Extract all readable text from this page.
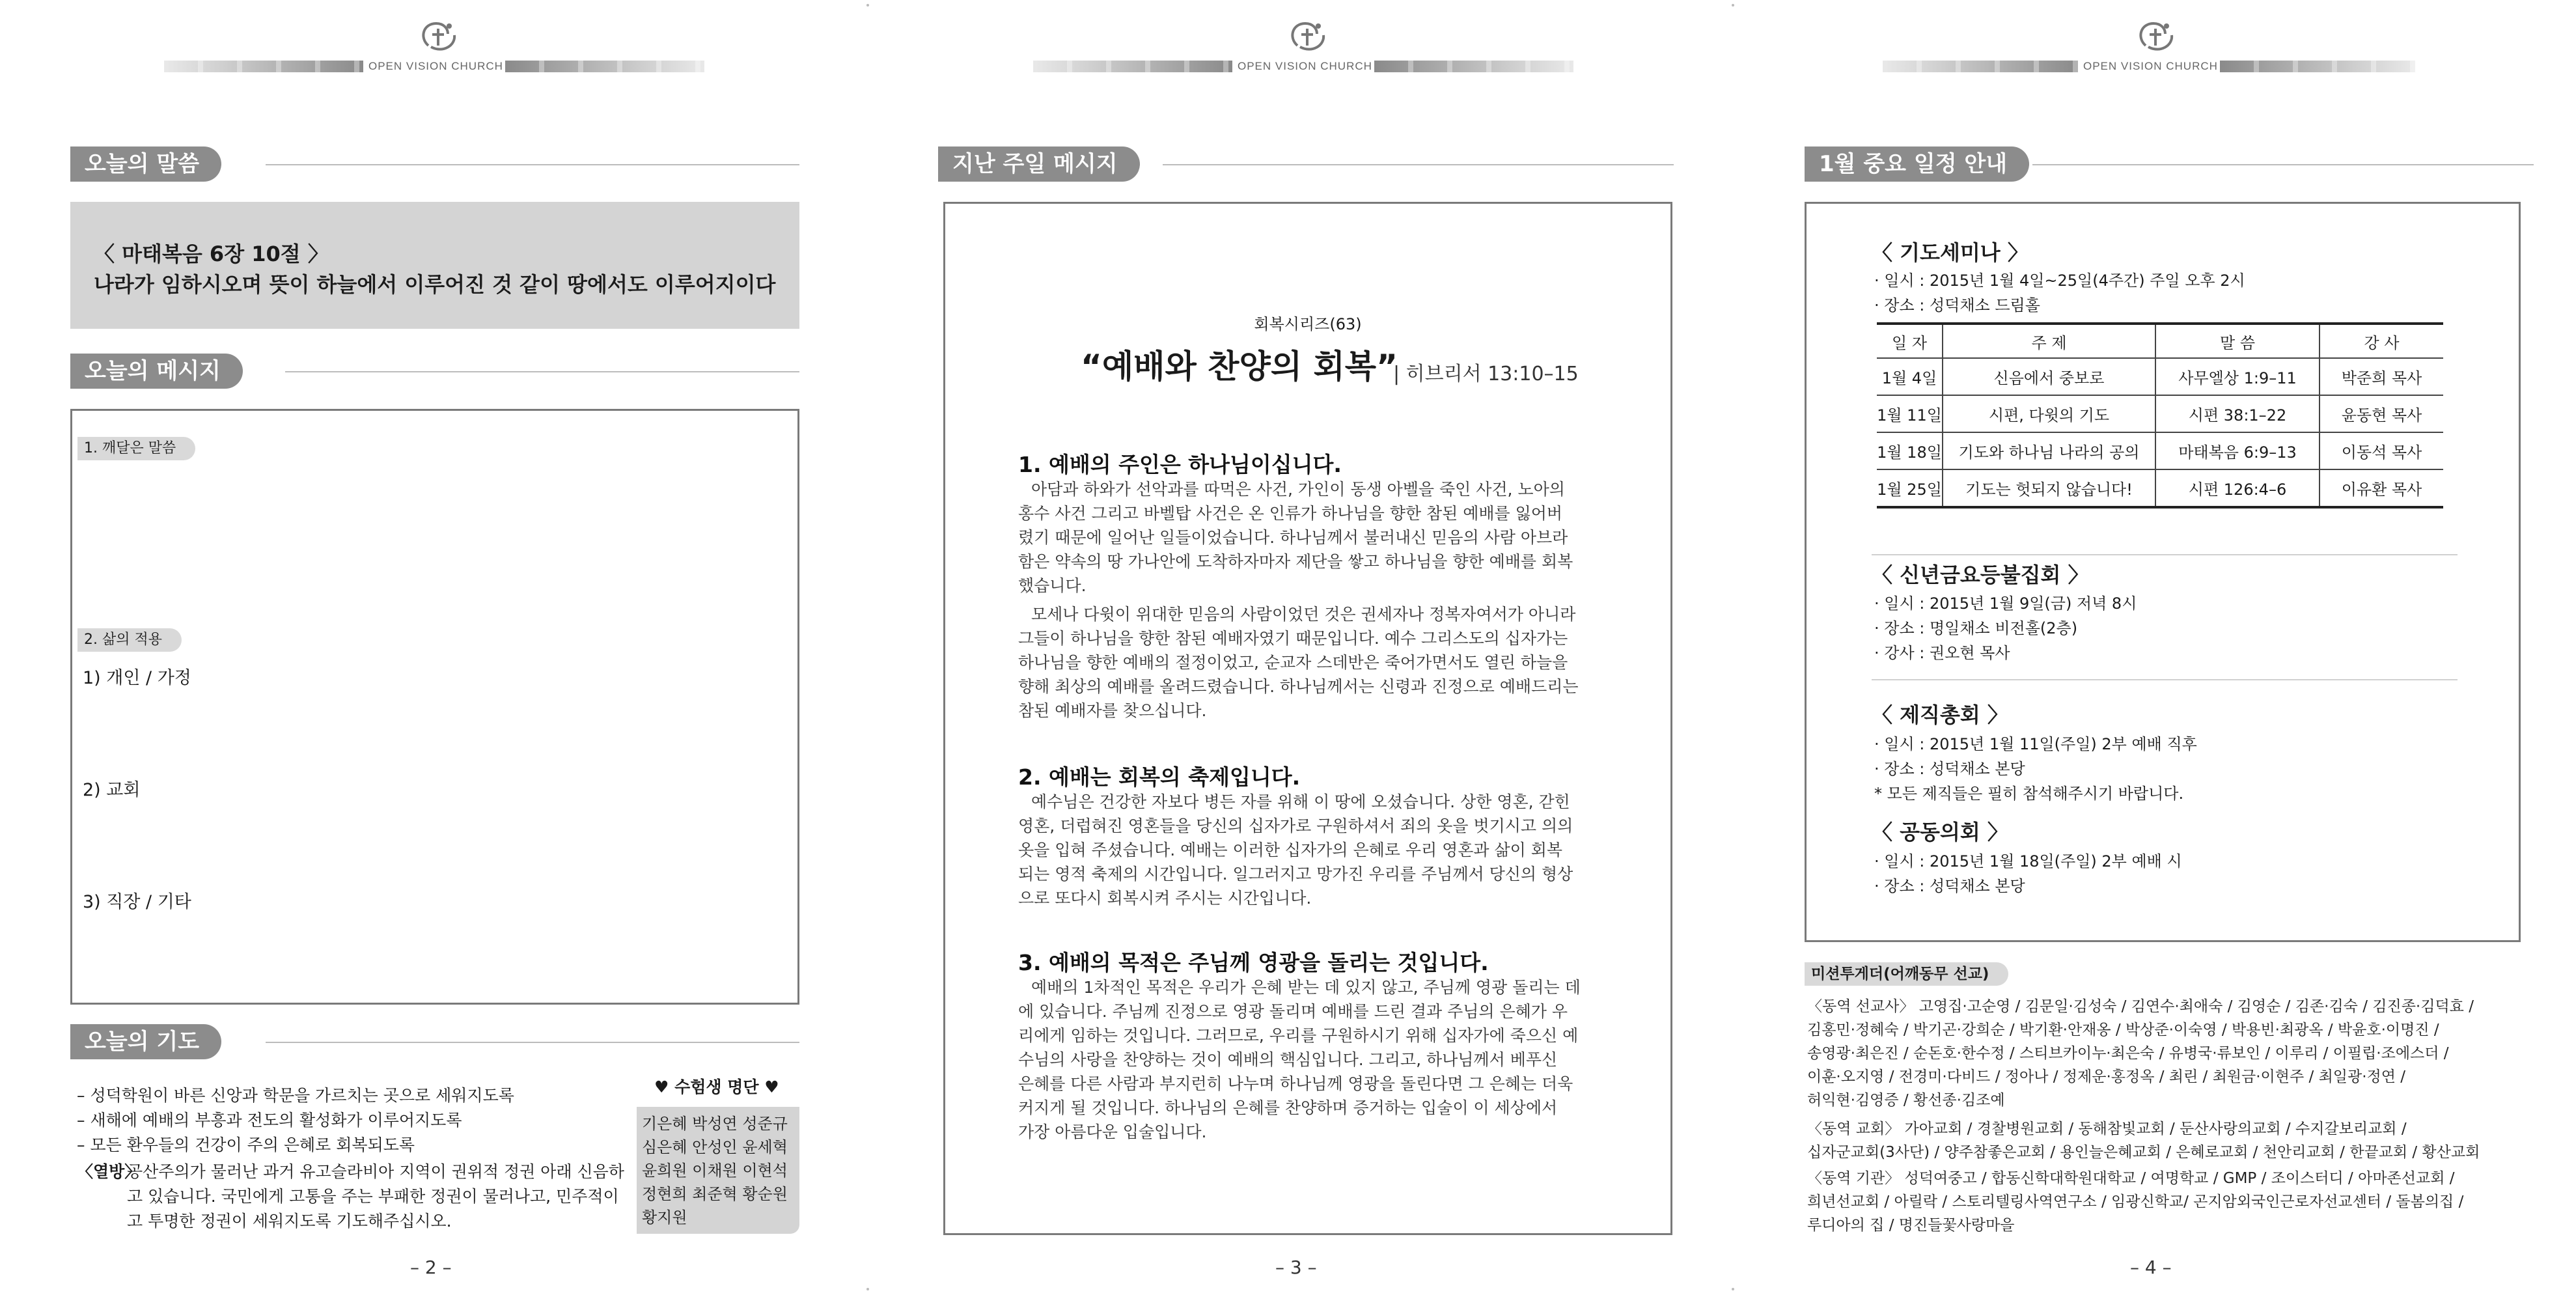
OPEN VISION CHURCH
오늘의 말씀
〈 마태복음 6장 10절 〉
나라가 임하시오며 뜻이 하늘에서 이루어진 것 같이 땅에서도 이루어지이다
오늘의 메시지
1. 깨달은 말씀
2. 삶의 적용
1) 개인 / 가정
2) 교회
3) 직장 / 기타
오늘의 기도
– 성덕학원이 바른 신앙과 학문을 가르치는 곳으로 세워지도록
– 새해에 예배의 부흥과 전도의 활성화가 이루어지도록
– 모든 환우들의 건강이 주의 은혜로 회복되도록
〈열방〉
공산주의가 물러난 과거 유고슬라비아 지역이 권위적 정권 아래 신음하
고 있습니다. 국민에게 고통을 주는 부패한 정권이 물러나고, 민주적이
고 투명한 정권이 세워지도록 기도해주십시오.
♥ 수험생 명단 ♥
기은혜 박성연 성준규
심은혜 안성인 윤세혁
윤희원 이채원 이현석
정현희 최준혁 황순원
황지원
– 2 –
OPEN VISION CHURCH
지난 주일 메시지
회복시리즈(63)
“예배와 찬양의 회복”
| 히브리서 13:10–15
1. 예배의 주인은 하나님이십니다.
아담과 하와가 선악과를 따먹은 사건, 가인이 동생 아벨을 죽인 사건, 노아의
홍수 사건 그리고 바벨탑 사건은 온 인류가 하나님을 향한 참된 예배를 잃어버
렸기 때문에 일어난 일들이었습니다. 하나님께서 불러내신 믿음의 사람 아브라
함은 약속의 땅 가나안에 도착하자마자 제단을 쌓고 하나님을 향한 예배를 회복
했습니다.
모세나 다윗이 위대한 믿음의 사람이었던 것은 권세자나 정복자여서가 아니라
그들이 하나님을 향한 참된 예배자였기 때문입니다. 예수 그리스도의 십자가는
하나님을 향한 예배의 절정이었고, 순교자 스데반은 죽어가면서도 열린 하늘을
향해 최상의 예배를 올려드렸습니다. 하나님께서는 신령과 진정으로 예배드리는
참된 예배자를 찾으십니다.
2. 예배는 회복의 축제입니다.
예수님은 건강한 자보다 병든 자를 위해 이 땅에 오셨습니다. 상한 영혼, 갇힌
영혼, 더럽혀진 영혼들을 당신의 십자가로 구원하셔서 죄의 옷을 벗기시고 의의
옷을 입혀 주셨습니다. 예배는 이러한 십자가의 은혜로 우리 영혼과 삶이 회복
되는 영적 축제의 시간입니다. 일그러지고 망가진 우리를 주님께서 당신의 형상
으로 또다시 회복시켜 주시는 시간입니다.
3. 예배의 목적은 주님께 영광을 돌리는 것입니다.
예배의 1차적인 목적은 우리가 은혜 받는 데 있지 않고, 주님께 영광 돌리는 데
에 있습니다. 주님께 진정으로 영광 돌리며 예배를 드린 결과 주님의 은혜가 우
리에게 임하는 것입니다. 그러므로, 우리를 구원하시기 위해 십자가에 죽으신 예
수님의 사랑을 찬양하는 것이 예배의 핵심입니다. 그리고, 하나님께서 베푸신
은혜를 다른 사람과 부지런히 나누며 하나님께 영광을 돌린다면 그 은혜는 더욱
커지게 될 것입니다. 하나님의 은혜를 찬양하며 증거하는 입술이 이 세상에서
가장 아름다운 입술입니다.
– 3 –
OPEN VISION CHURCH
1월 중요 일정 안내
〈 기도세미나 〉
· 일시 : 2015년 1월 4일~25일(4주간) 주일 오후 2시
· 장소 : 성덕채소 드림홀
일 자	주 제	말 씀	강 사
1월 4일	신음에서 중보로	사무엘상 1:9–11	박준희 목사
1월 11일	시편, 다윗의 기도	시편 38:1–22	윤동현 목사
1월 18일	기도와 하나님 나라의 공의	마태복음 6:9–13	이동석 목사
1월 25일	기도는 헛되지 않습니다!	시편 126:4–6	이유환 목사
〈 신년금요등불집회 〉
· 일시 : 2015년 1월 9일(금) 저녁 8시
· 장소 : 명일채소 비전홀(2층)
· 강사 : 권오현 목사
〈 제직총회 〉
· 일시 : 2015년 1월 11일(주일) 2부 예배 직후
· 장소 : 성덕채소 본당
* 모든 제직들은 필히 참석해주시기 바랍니다.
〈 공동의회 〉
· 일시 : 2015년 1월 18일(주일) 2부 예배 시
· 장소 : 성덕채소 본당
미션투게더(어깨동무 선교)
〈동역 선교사〉 고영집·고순영 / 김문일·김성숙 / 김연수·최애숙 / 김영순 / 김존·김숙 / 김진종·김덕효 /
김홍민·정혜숙 / 박기곤·강희순 / 박기환·안재옹 / 박상준·이숙영 / 박용빈·최광옥 / 박윤호·이명진 /
송영광·최은진 / 순돈호·한수정 / 스티브카이누·최은숙 / 유병국·류보인 / 이루리 / 이필립·조에스더 /
이훈·오지영 / 전경미·다비드 / 정아나 / 정제운·홍정옥 / 최린 / 최원금·이현주 / 최일광·정연 /
허익현·김영증 / 황선종·김조예
〈동역 교회〉 가아교회 / 경찰병원교회 / 동해참빛교회 / 둔산사랑의교회 / 수지갈보리교회 /
십자군교회(3사단) / 양주참좋은교회 / 용인늘은혜교회 / 은혜로교회 / 천안리교회 / 한끝교회 / 황산교회
〈동역 기관〉 성덕여중고 / 합동신학대학원대학교 / 여명학교 / GMP / 조이스터디 / 아마존선교회 /
희년선교회 / 아릴락 / 스토리텔링사역연구소 / 임광신학교/ 곤지암외국인근로자선교센터 / 돌봄의집 /
루디아의 집 / 명진들꽃사랑마을
– 4 –
